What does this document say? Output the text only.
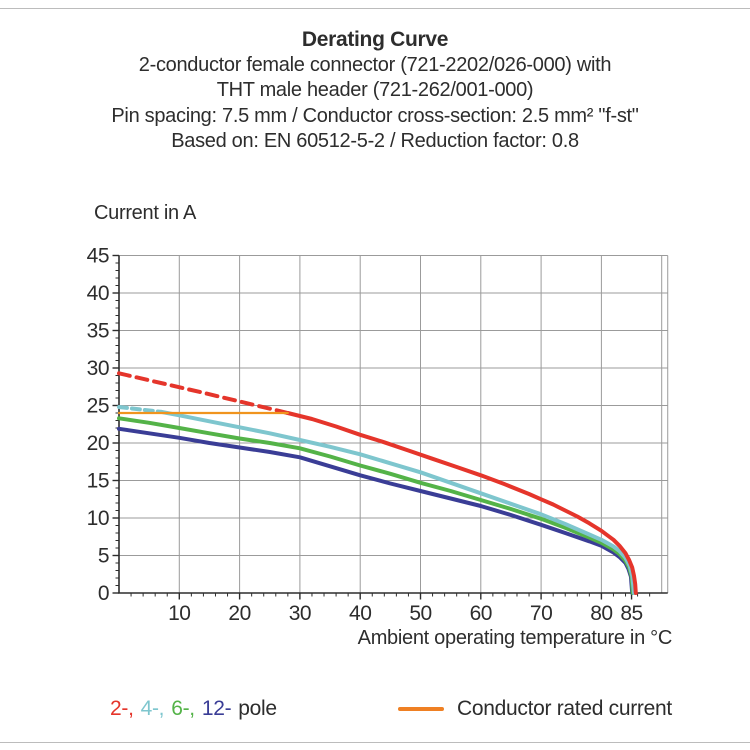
Derating Curve
2-conductor female connector (721-2202/026-000) with
THT male header (721-262/001-000)
Pin spacing: 7.5 mm / Conductor cross-section: 2.5 mm² "f-st"
Based on: EN 60512-5-2 / Reduction factor: 0.8
Current in A
10 20 30 40 50 60 70 80 85
0
5
10
15
20
25
30
35
40
45
Ambient operating temperature in °C
2-, 4-, 6-, 12- pole	Conductor rated current
